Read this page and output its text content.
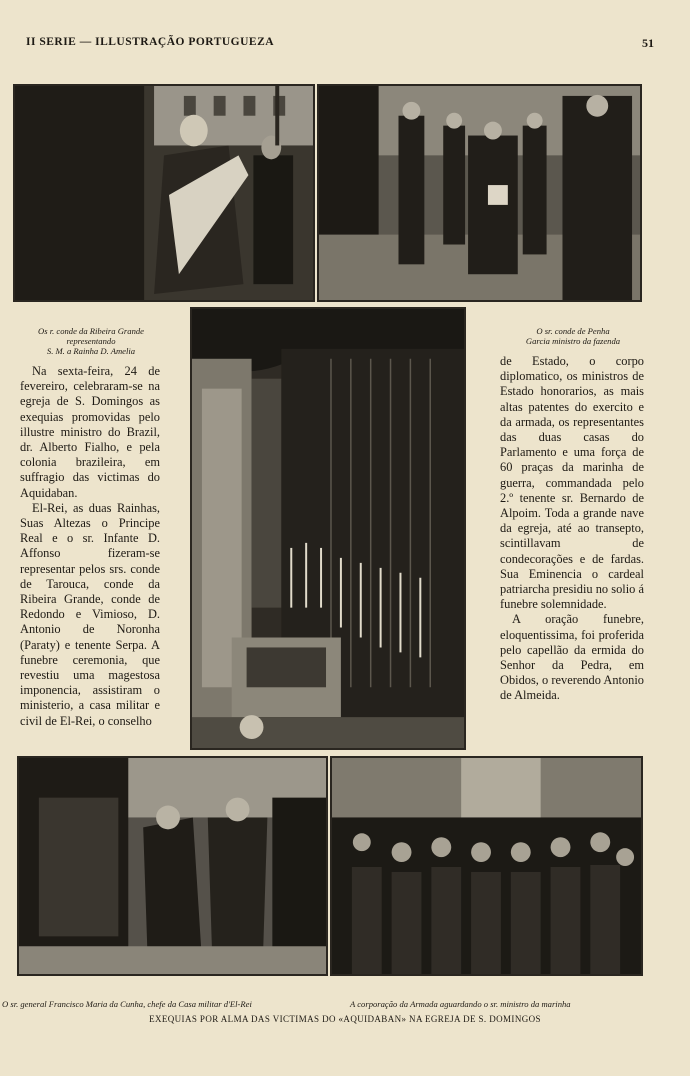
II SERIE — ILLUSTRAÇÃO PORTUGUEZA	51
Os r. conde da Ribeira Grande
representando
S. M. a Rainha D. Amelia
O sr. conde de Penha
Garcia ministro da fazenda

Na sexta-feira, 24 de fevereiro, celebraram-se na egreja de S. Domingos as exequias promovidas pelo illustre ministro do Brazil, dr. Alberto Fialho, e pela colonia brazileira, em suffragio das victimas do Aquidaban.

El-Rei, as duas Rainhas, Suas Altezas o Principe Real e o sr. Infante D. Affonso fizeram-se representar pelos srs. conde de Tarouca, conde da Ribeira Grande, conde de Redondo e Vimioso, D. Antonio de Noronha (Paraty) e tenente Serpa. A funebre ceremonia, que revestiu uma magestosa imponencia, assistiram o ministerio, a casa militar e civil de El-Rei, o conselho

de Estado, o corpo diplomatico, os ministros de Estado honorarios, as mais altas patentes do exercito e da armada, os representantes das duas casas do Parlamento e uma força de 60 praças da marinha de guerra, commandada pelo 2.º tenente sr. Bernardo de Alpoim. Toda a grande nave da egreja, até ao transepto, scintillavam de condecorações e de fardas. Sua Eminencia o cardeal patriarcha presidiu no solio á funebre solemnidade.

A oração funebre, eloquentissima, foi proferida pelo capellão da ermida do Senhor da Pedra, em Obidos, o reverendo Antonio de Almeida.

O sr. general Francisco Maria da Cunha, chefe da Casa militar d'El-Rei	A corporação da Armada aguardando o sr. ministro da marinha
EXEQUIAS POR ALMA DAS VICTIMAS DO «AQUIDABAN» NA EGREJA DE S. DOMINGOS
